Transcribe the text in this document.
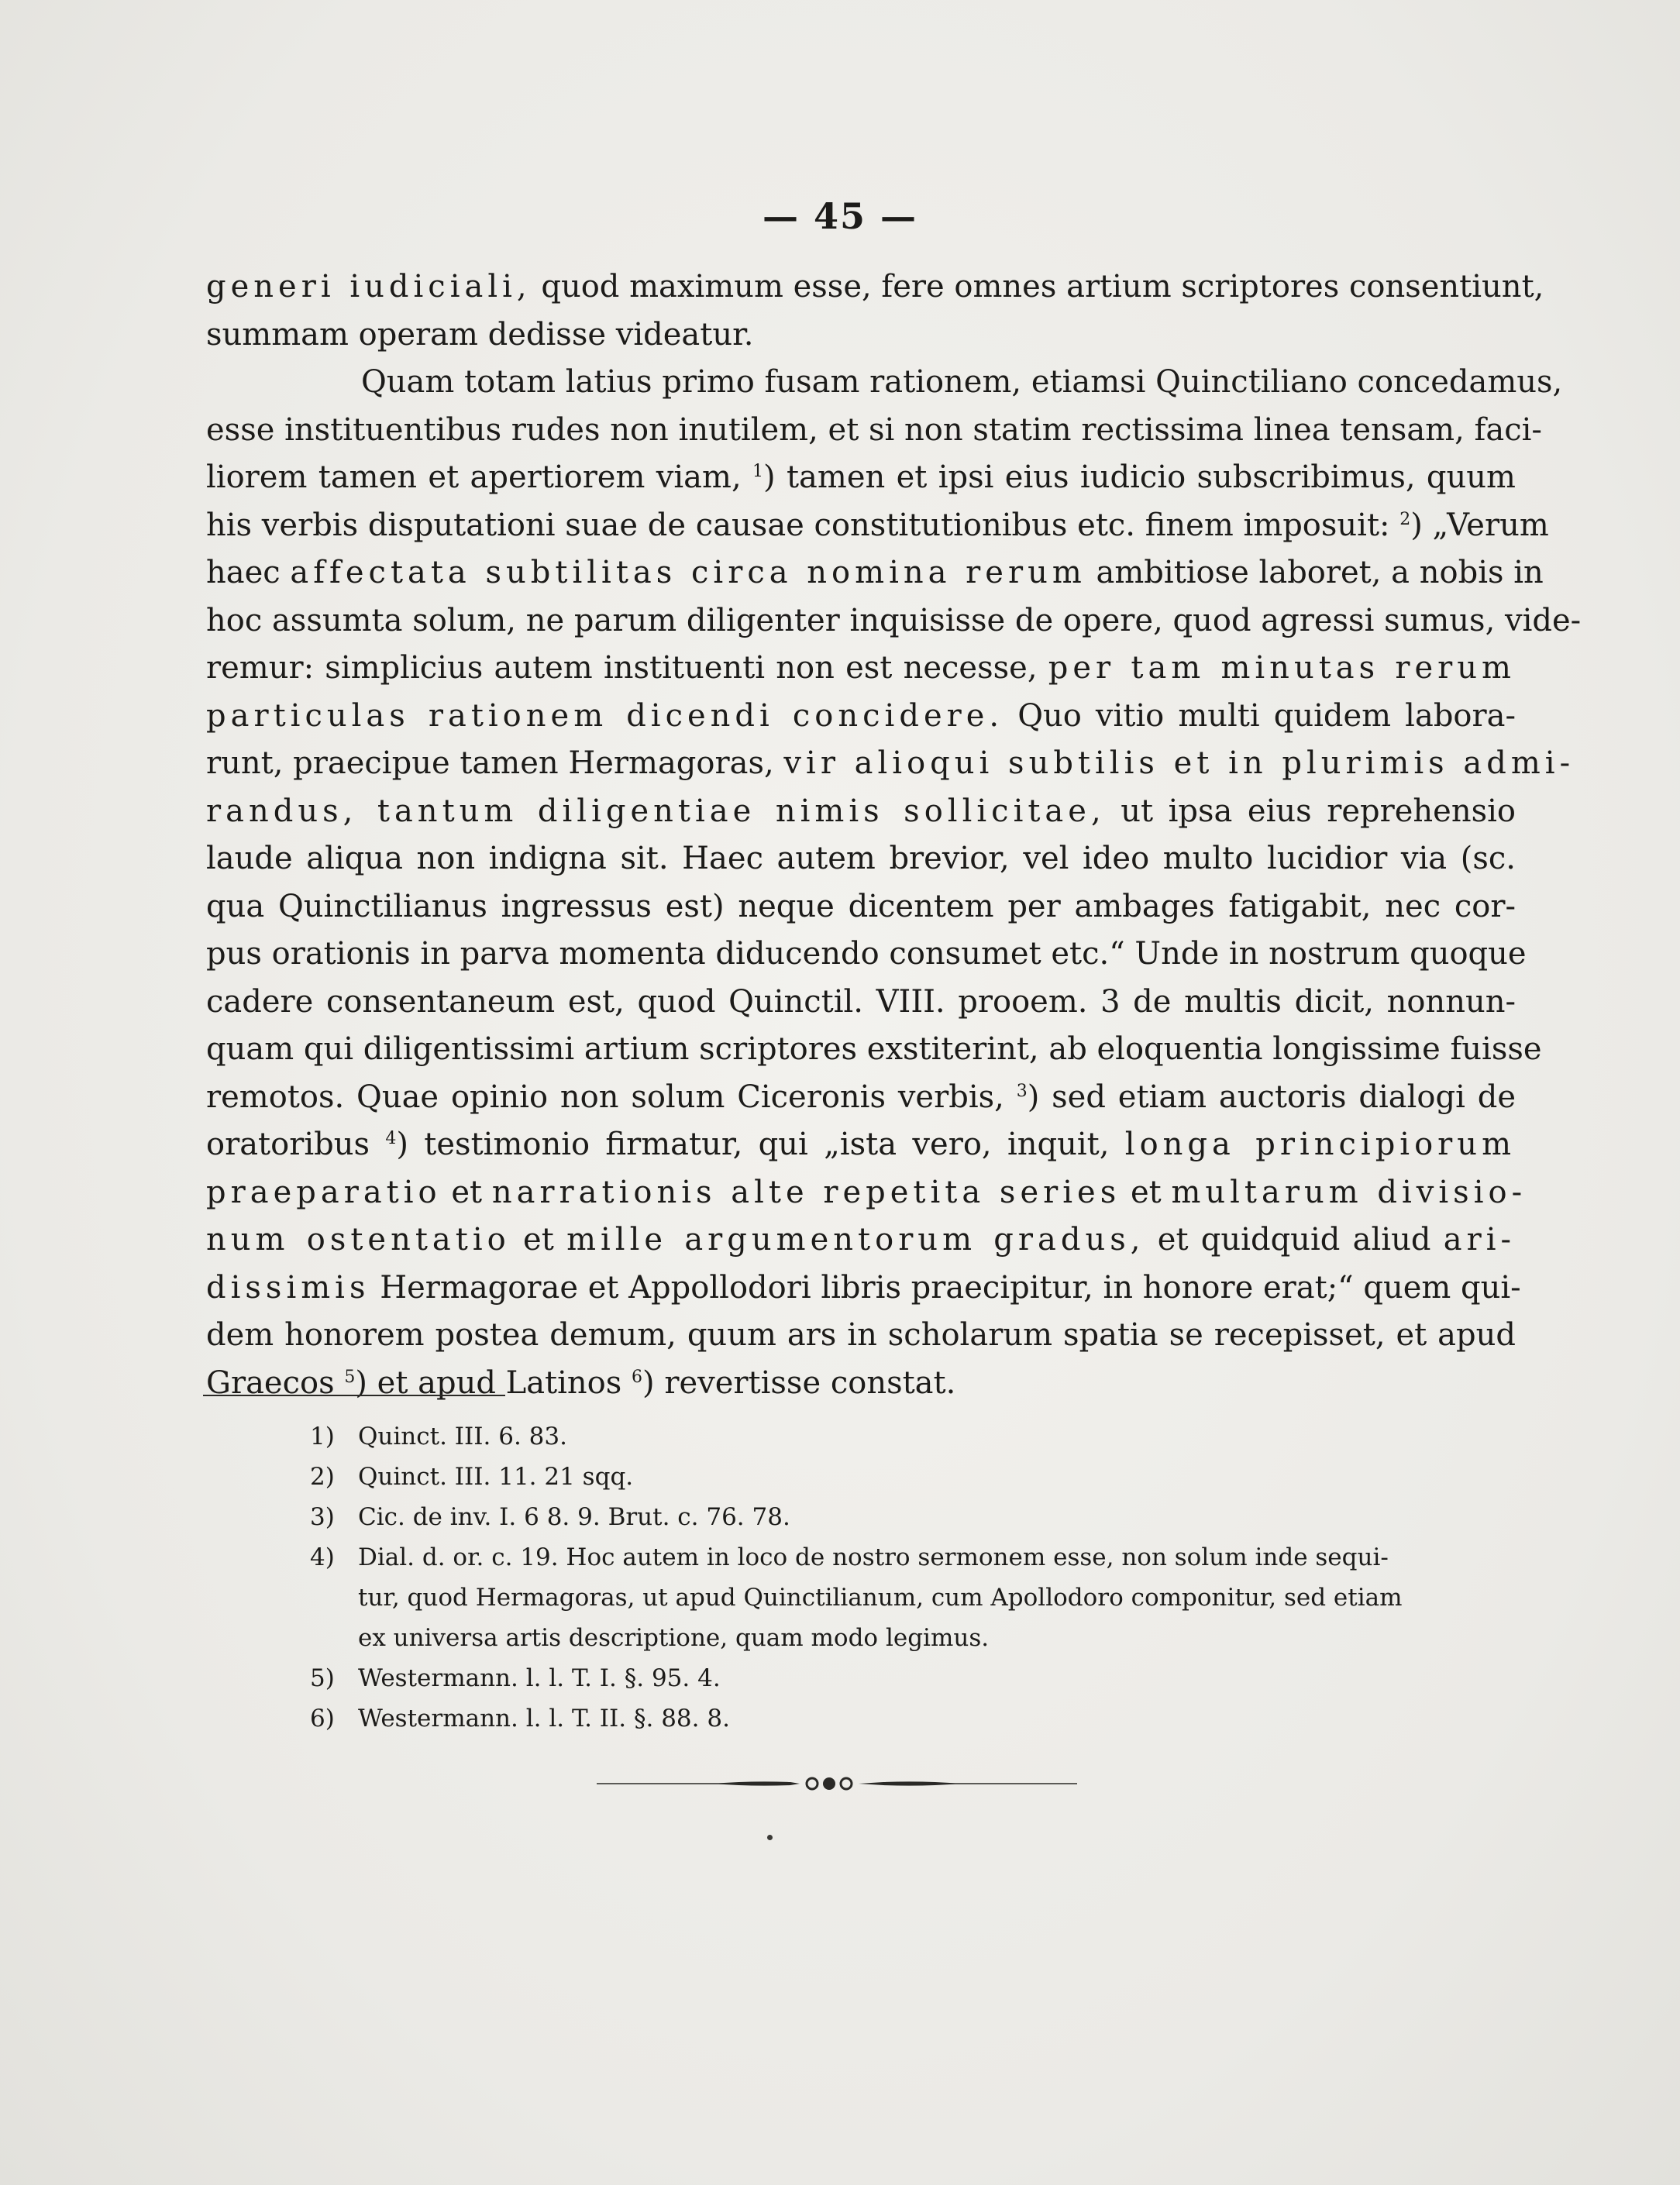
— 45 —
generi iudiciali, quod maximum esse, fere omnes artium scriptores consentiunt,
summam operam dedisse videatur.
Quam totam latius primo fusam rationem, etiamsi Quinctiliano concedamus,
esse instituentibus rudes non inutilem, et si non statim rectissima linea tensam, faci-
liorem tamen et apertiorem viam, $^1$) tamen et ipsi eius iudicio subscribimus, quum
his verbis disputationi suae de causae constitutionibus etc. finem imposuit: $^2$) „Verum
haec affectata subtilitas circa nomina rerum ambitiose laboret, a nobis in
hoc assumta solum, ne parum diligenter inquisisse de opere, quod agressi sumus, vide-
remur: simplicius autem instituenti non est necesse, per tam minutas rerum
particulas rationem dicendi concidere. Quo vitio multi quidem labora-
runt, praecipue tamen Hermagoras, vir alioqui subtilis et in plurimis admi-
randus, tantum diligentiae nimis sollicitae, ut ipsa eius reprehensio
laude aliqua non indigna sit. Haec autem brevior, vel ideo multo lucidior via (sc.
qua Quinctilianus ingressus est) neque dicentem per ambages fatigabit, nec cor-
pus orationis in parva momenta diducendo consumet etc.“ Unde in nostrum quoque
cadere consentaneum est, quod Quinctil. VIII. prooem. 3 de multis dicit, nonnun-
quam qui diligentissimi artium scriptores exstiterint, ab eloquentia longissime fuisse
remotos. Quae opinio non solum Ciceronis verbis, $^3$) sed etiam auctoris dialogi de
oratoribus $^4$) testimonio firmatur, qui „ista vero, inquit, longa principiorum
praeparatio et narrationis alte repetita series et multarum divisio-
num ostentatio et mille argumentorum gradus, et quidquid aliud ari-
dissimis Hermagorae et Appollodori libris praecipitur, in honore erat;“ quem qui-
dem honorem postea demum, quum ars in scholarum spatia se recepisset, et apud
Graecos $^5$) et apud Latinos $^6$) revertisse constat.
1) Quinct. III. 6. 83.
2) Quinct. III. 11. 21 sqq.
3) Cic. de inv. I. 6 8. 9. Brut. c. 76. 78.
4) Dial. d. or. c. 19. Hoc autem in loco de nostro sermonem esse, non solum inde sequi-
tur, quod Hermagoras, ut apud Quinctilianum, cum Apollodoro componitur, sed etiam
ex universa artis descriptione, quam modo legimus.
5) Westermann. l. l. T. I. §. 95. 4.
6) Westermann. l. l. T. II. §. 88. 8.
